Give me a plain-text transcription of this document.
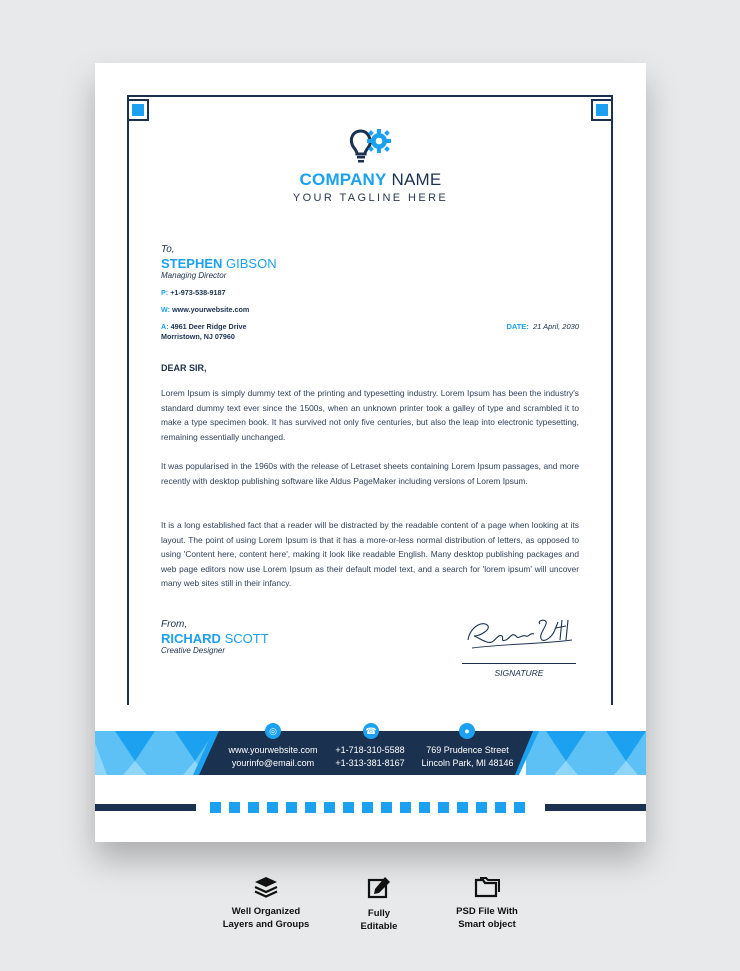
COMPANY NAME
YOUR TAGLINE HERE
To,
STEPHEN GIBSON
Managing Director
P: +1-973-538-9187
W: www.yourwebsite.com
A: 4961 Deer Ridge Drive
Morristown, NJ 07960
DATE: 21 April, 2030
DEAR SIR,
Lorem Ipsum is simply dummy text of the printing and typesetting industry. Lorem Ipsum has been the industry's standard dummy text ever since the 1500s, when an unknown printer took a galley of type and scrambled it to make a type specimen book. It has survived not only five centuries, but also the leap into electronic typesetting, remaining essentially unchanged.
It was popularised in the 1960s with the release of Letraset sheets containing Lorem Ipsum passages, and more recently with desktop publishing software like Aldus PageMaker including versions of Lorem Ipsum.
It is a long established fact that a reader will be distracted by the readable content of a page when looking at its layout. The point of using Lorem Ipsum is that it has a more-or-less normal distribution of letters, as opposed to using 'Content here, content here', making it look like readable English. Many desktop publishing packages and web page editors now use Lorem Ipsum as their default model text, and a search for 'lorem ipsum' will uncover many web sites still in their infancy.
From,
RICHARD SCOTT
Creative Designer
SIGNATURE
◎	☎	●
www.yourwebsite.com
yourinfo@email.com
+1-718-310-5588
+1-313-381-8167
769 Prudence Street
Lincoln Park, MI 48146
Well Organized
Layers and Groups
Fully
Editable
PSD File With
Smart object
